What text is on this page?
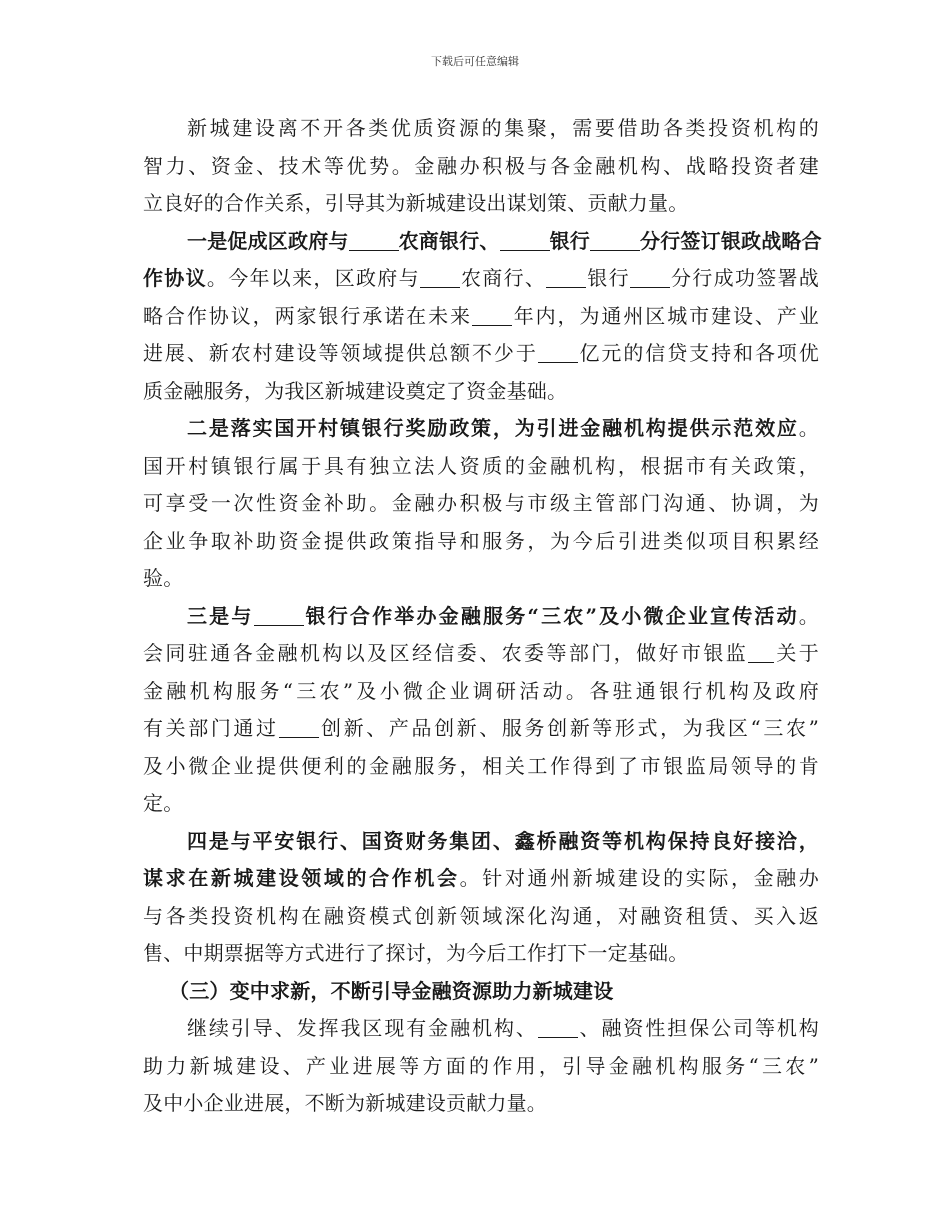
下载后可任意编辑
新城建设离不开各类优质资源的集聚，需要借助各类投资机构的
智力、资金、技术等优势。金融办积极与各金融机构、战略投资者建
立良好的合作关系，引导其为新城建设出谋划策、贡献力量。
一是促成区政府与	农商银行、	银行	分行签订银政战略合
作协议。今年以来，区政府与 农商行、 银行 分行成功签署战
略合作协议，两家银行承诺在未来 年内，为通州区城市建设、产业
进展、新农村建设等领域提供总额不少于 亿元的信贷支持和各项优
质金融服务，为我区新城建设奠定了资金基础。
二是落实国开村镇银行奖励政策，为引进金融机构提供示范效应。
国开村镇银行属于具有独立法人资质的金融机构，根据市有关政策，
可享受一次性资金补助。金融办积极与市级主管部门沟通、协调，为
企业争取补助资金提供政策指导和服务，为今后引进类似项目积累经
验。
三是与	银行合作举办金融服务“三农”及小微企业宣传活动。
会同驻通各金融机构以及区经信委、农委等部门，做好市银监 关于
金融机构服务“三农”及小微企业调研活动。各驻通银行机构及政府
有关部门通过 创新、产品创新、服务创新等形式，为我区“三农”
及小微企业提供便利的金融服务，相关工作得到了市银监局领导的肯
定。
四是与平安银行、国资财务集团、鑫桥融资等机构保持良好接洽，
谋求在新城建设领域的合作机会。针对通州新城建设的实际，金融办
与各类投资机构在融资模式创新领域深化沟通，对融资租赁、买入返
售、中期票据等方式进行了探讨，为今后工作打下一定基础。
（三）变中求新，不断引导金融资源助力新城建设
继续引导、发挥我区现有金融机构、 、融资性担保公司等机构
助力新城建设、产业进展等方面的作用，引导金融机构服务“三农”
及中小企业进展，不断为新城建设贡献力量。
